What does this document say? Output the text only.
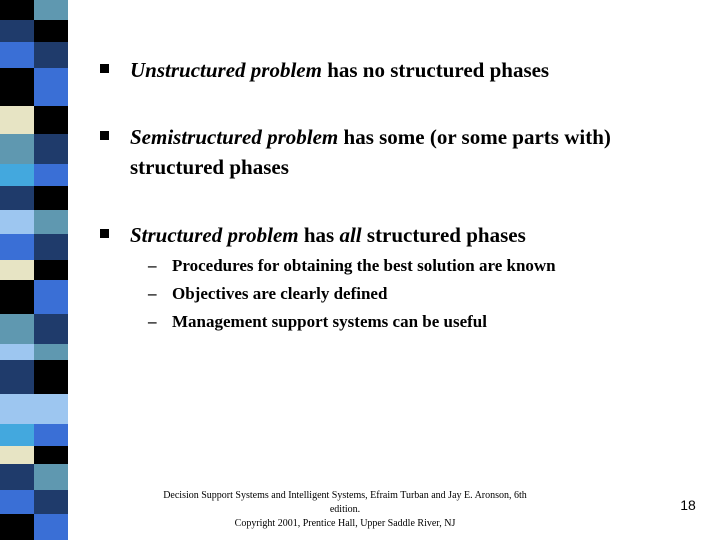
Unstructured problem has no structured phases
Semistructured problem has some (or some parts with) structured phases
Structured problem has all structured phases
– Procedures for obtaining the best solution are known
– Objectives are clearly defined
– Management support systems can be useful
Decision Support Systems and Intelligent Systems, Efraim Turban and Jay E. Aronson, 6th edition.
Copyright 2001, Prentice Hall, Upper Saddle River, NJ
18
